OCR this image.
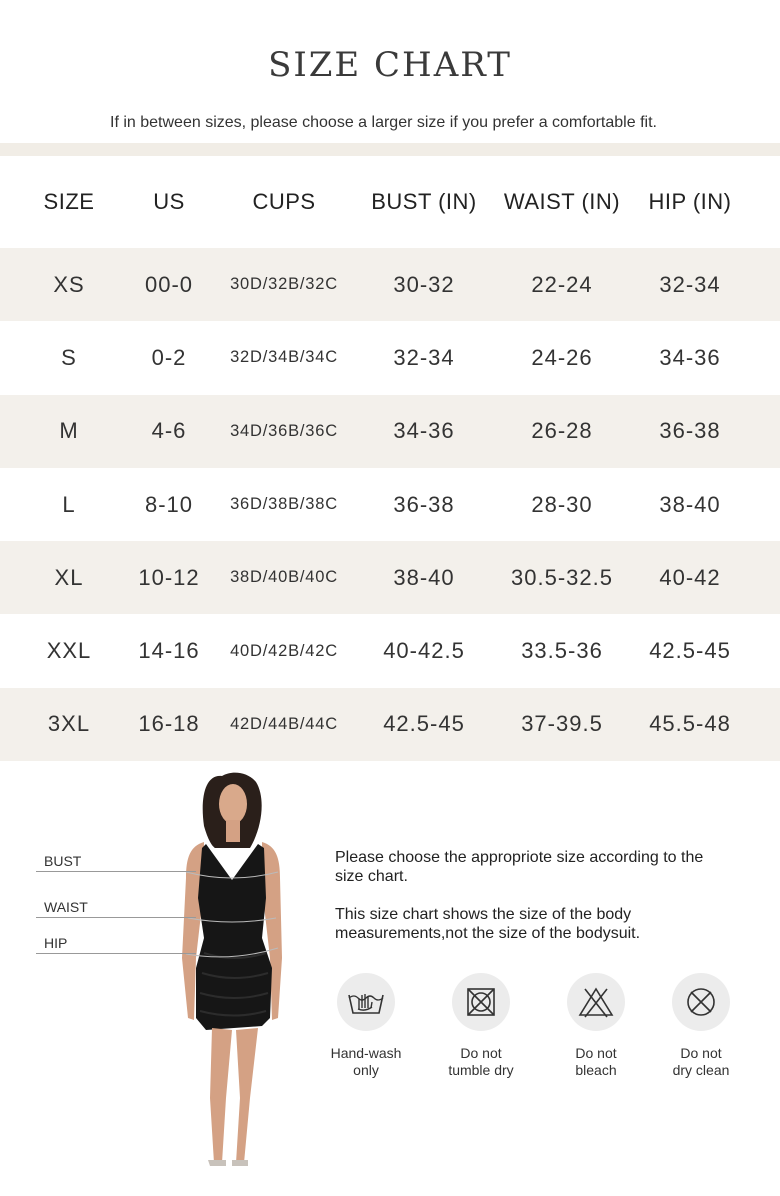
SIZE CHART
If in between sizes, please choose a larger size if you prefer a comfortable fit.
SIZE	US	CUPS	BUST (IN)	WAIST (IN)	HIP (IN)
XS	00-0	30D/32B/32C	30-32	22-24	32-34
S	0-2	32D/34B/34C	32-34	24-26	34-36
M	4-6	34D/36B/36C	34-36	26-28	36-38
L	8-10	36D/38B/38C	36-38	28-30	38-40
XL	10-12	38D/40B/40C	38-40	30.5-32.5	40-42
XXL	14-16	40D/42B/42C	40-42.5	33.5-36	42.5-45
3XL	16-18	42D/44B/44C	42.5-45	37-39.5	45.5-48
BUST
WAIST
HIP
Please choose the appropriote size according to the size chart.
This size chart shows the size of the body measurements,not the size of the bodysuit.
Hand-wash
only
Do not
tumble dry
Do not
bleach
Do not
dry clean
